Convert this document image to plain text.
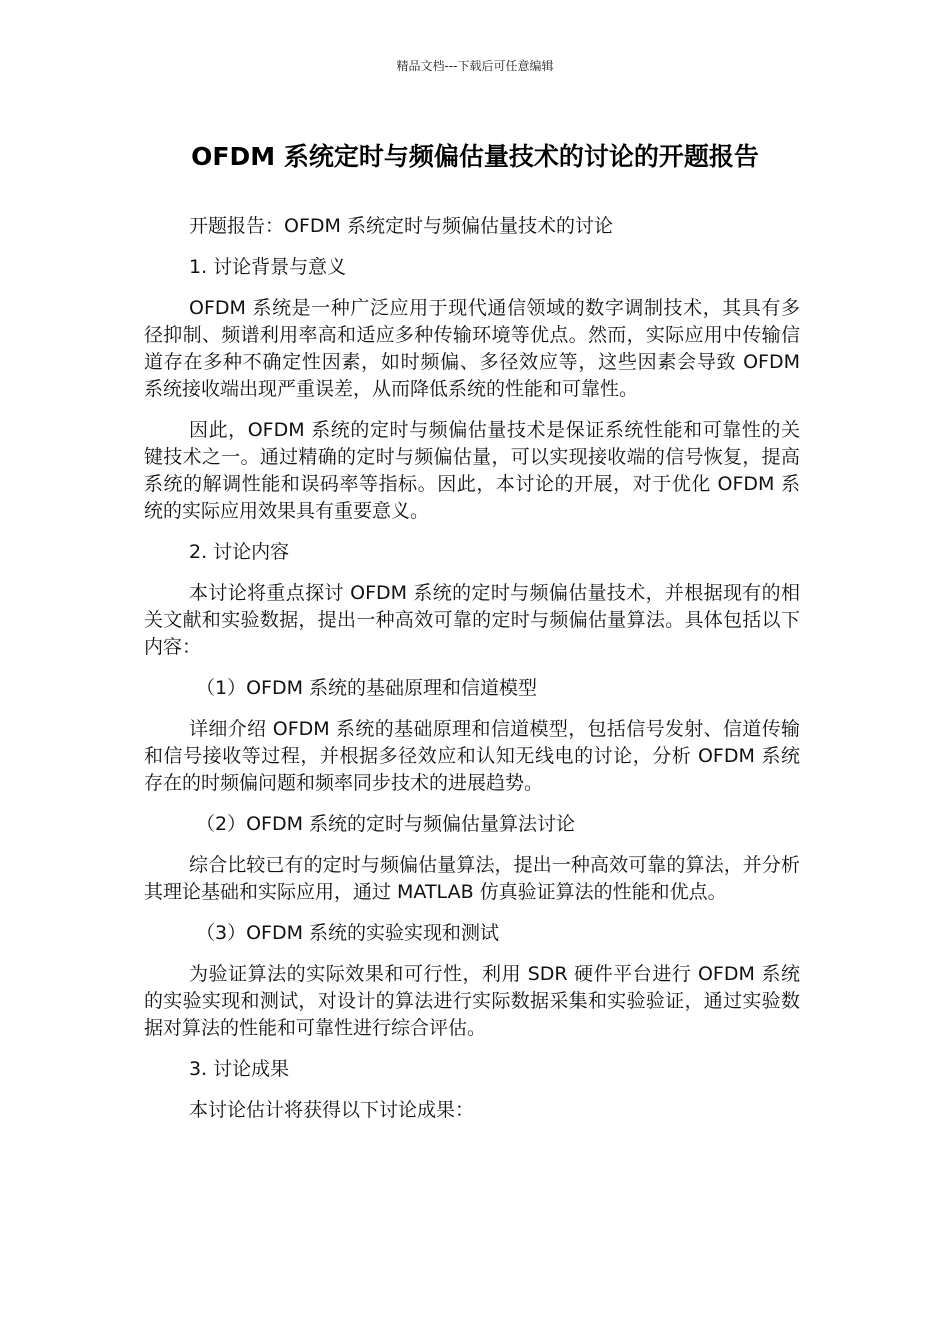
精品文档---下载后可任意编辑
OFDM 系统定时与频偏估量技术的讨论的开题报告

开题报告：OFDM 系统定时与频偏估量技术的讨论

1. 讨论背景与意义

OFDM 系统是一种广泛应用于现代通信领域的数字调制技术，其具有多径抑制、频谱利用率高和适应多种传输环境等优点。然而，实际应用中传输信道存在多种不确定性因素，如时频偏、多径效应等，这些因素会导致 OFDM 系统接收端出现严重误差，从而降低系统的性能和可靠性。

因此，OFDM 系统的定时与频偏估量技术是保证系统性能和可靠性的关键技术之一。通过精确的定时与频偏估量，可以实现接收端的信号恢复，提高系统的解调性能和误码率等指标。因此，本讨论的开展，对于优化 OFDM 系统的实际应用效果具有重要意义。

2. 讨论内容

本讨论将重点探讨 OFDM 系统的定时与频偏估量技术，并根据现有的相关文献和实验数据，提出一种高效可靠的定时与频偏估量算法。具体包括以下内容：

（1）OFDM 系统的基础原理和信道模型

详细介绍 OFDM 系统的基础原理和信道模型，包括信号发射、信道传输和信号接收等过程，并根据多径效应和认知无线电的讨论，分析 OFDM 系统存在的时频偏问题和频率同步技术的进展趋势。

（2）OFDM 系统的定时与频偏估量算法讨论

综合比较已有的定时与频偏估量算法，提出一种高效可靠的算法，并分析其理论基础和实际应用，通过 MATLAB 仿真验证算法的性能和优点。

（3）OFDM 系统的实验实现和测试

为验证算法的实际效果和可行性，利用 SDR 硬件平台进行 OFDM 系统的实验实现和测试，对设计的算法进行实际数据采集和实验验证，通过实验数据对算法的性能和可靠性进行综合评估。

3. 讨论成果

本讨论估计将获得以下讨论成果：
